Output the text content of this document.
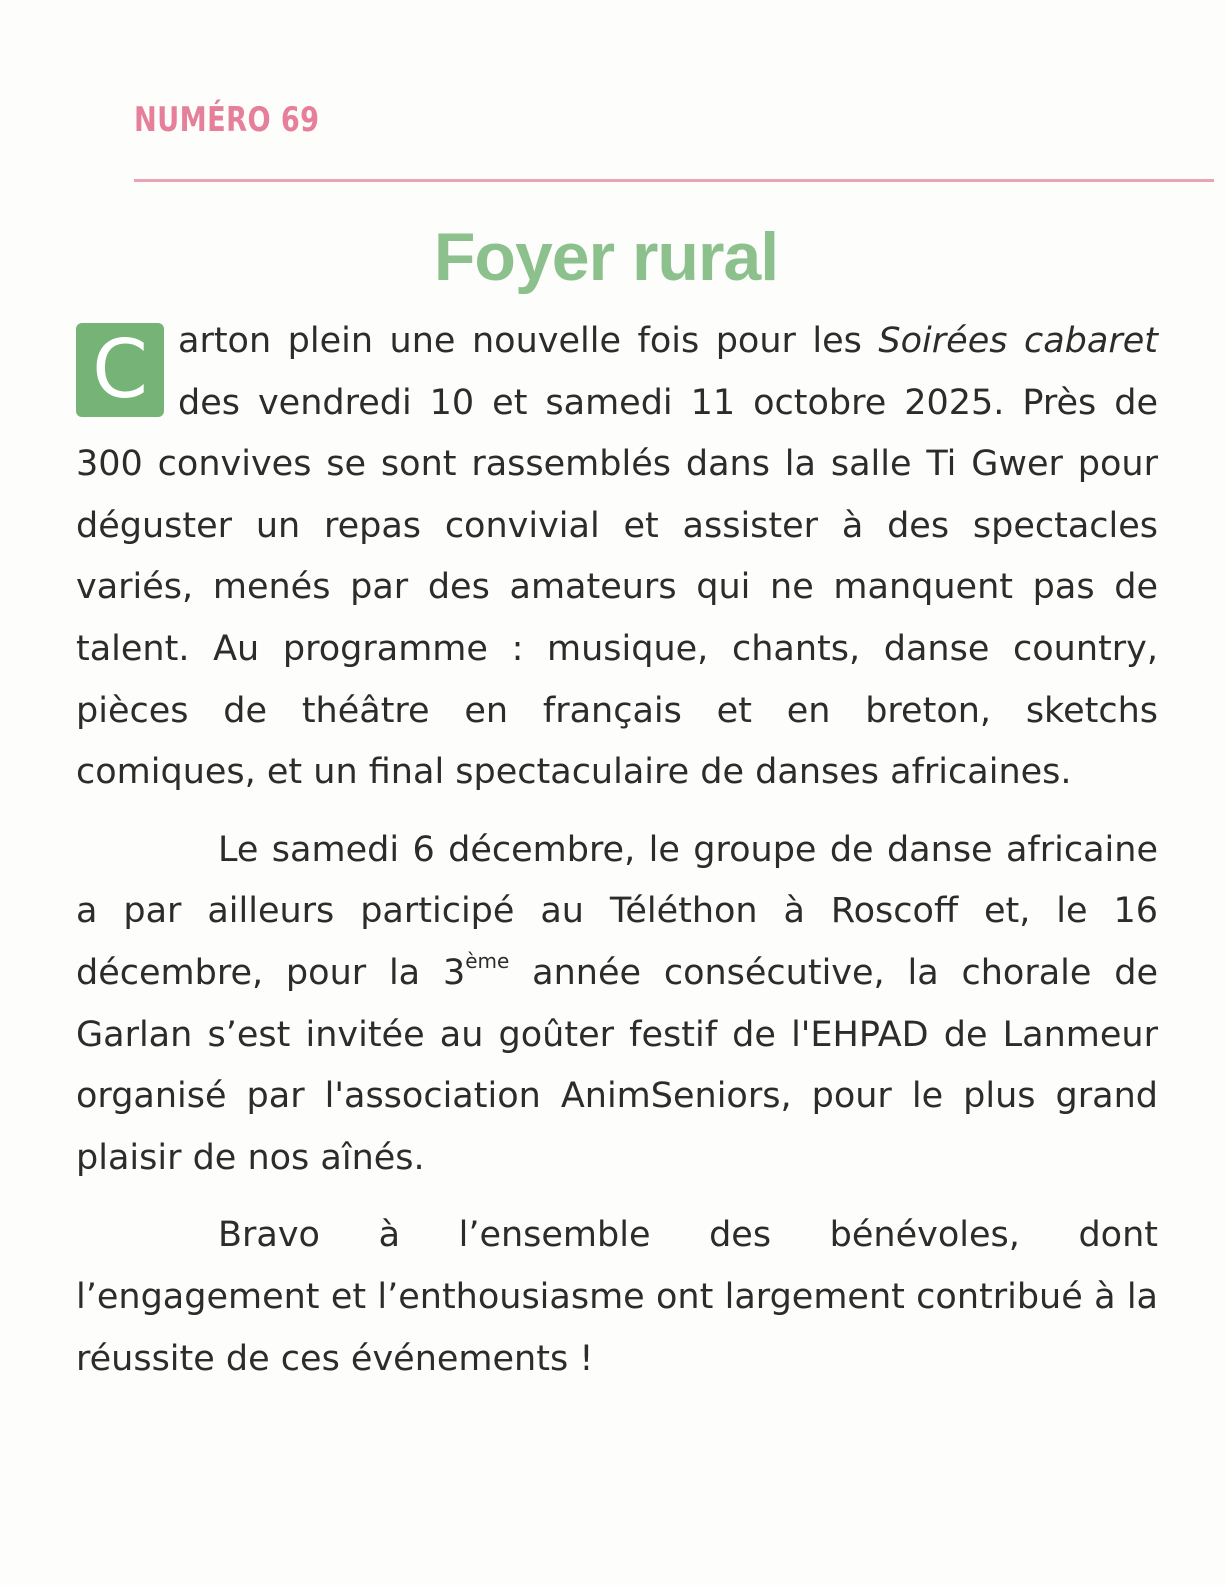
NUMÉRO 69
Foyer rural

C arton plein une nouvelle fois pour les Soirées cabaret des vendredi 10 et samedi 11 octobre 2025. Près de 300 convives se sont rassemblés dans la salle Ti Gwer pour déguster un repas convivial et assister à des spectacles variés, menés par des amateurs qui ne manquent pas de talent. Au programme : musique, chants, danse country, pièces de théâtre en français et en breton, sketchs comiques, et un final spectaculaire de danses africaines.

Le samedi 6 décembre, le groupe de danse africaine a par ailleurs participé au Téléthon à Roscoff et, le 16 décembre, pour la 3ème année consécutive, la chorale de Garlan s’est invitée au goûter festif de l'EHPAD de Lanmeur organisé par l'association AnimSeniors, pour le plus grand plaisir de nos aînés.

Bravo à l’ensemble des bénévoles, dont l’engagement et l’enthousiasme ont largement contribué à la réussite de ces événements !
